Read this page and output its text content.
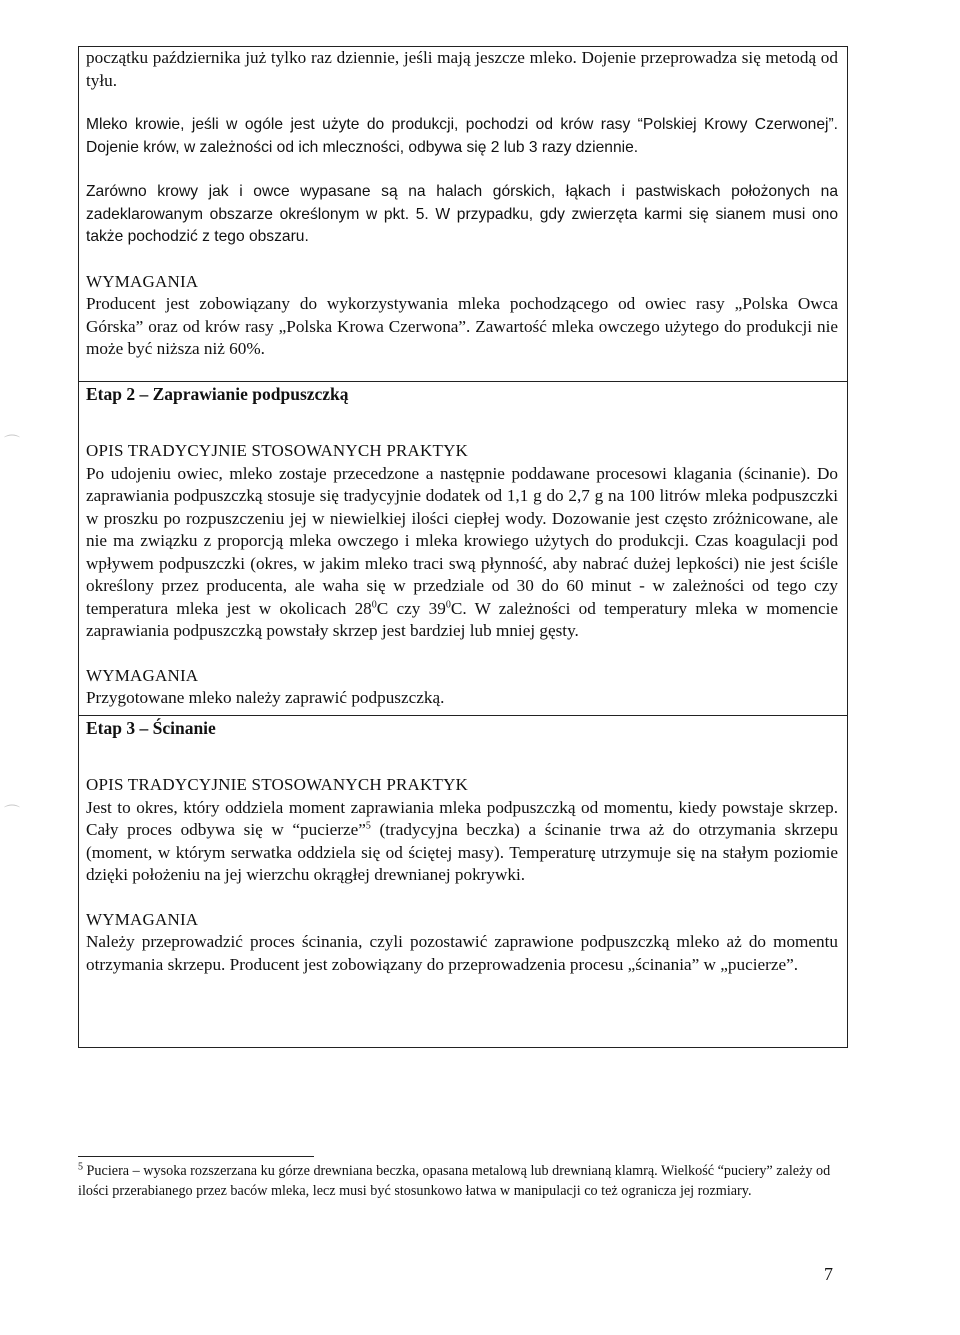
początku października już tylko raz dziennie, jeśli mają jeszcze mleko. Dojenie przeprowadza się metodą od tyłu.

Mleko krowie, jeśli w ogóle jest użyte do produkcji, pochodzi od krów rasy “Polskiej Krowy Czerwonej”. Dojenie krów, w zależności od ich mleczności, odbywa się 2 lub 3 razy dziennie.

Zarówno krowy jak i owce wypasane są na halach górskich, łąkach i pastwiskach położonych na zadeklarowanym obszarze określonym w pkt. 5. W przypadku, gdy zwierzęta karmi się sianem musi ono także pochodzić z tego obszaru.

WYMAGANIA

Producent jest zobowiązany do wykorzystywania mleka pochodzącego od owiec rasy „Polska Owca Górska” oraz od krów rasy „Polska Krowa Czerwona”. Zawartość mleka owczego użytego do produkcji nie może być niższa niż 60%.

Etap 2 – Zaprawianie podpuszczką

OPIS TRADYCYJNIE STOSOWANYCH PRAKTYK

Po udojeniu owiec, mleko zostaje przecedzone a następnie poddawane procesowi klagania (ścinanie). Do zaprawiania podpuszczką stosuje się tradycyjnie dodatek od 1,1 g do 2,7 g na 100 litrów mleka podpuszczki w proszku po rozpuszczeniu jej w niewielkiej ilości ciepłej wody. Dozowanie jest często zróżnicowane, ale nie ma związku z proporcją mleka owczego i mleka krowiego użytych do produkcji. Czas koagulacji pod wpływem podpuszczki (okres, w jakim mleko traci swą płynność, aby nabrać dużej lepkości) nie jest ściśle określony przez producenta, ale waha się w przedziale od 30 do 60 minut - w zależności od tego czy temperatura mleka jest w okolicach $28^0C$ czy $39^0C$. W zależności od temperatury mleka w momencie zaprawiania podpuszczką powstały skrzep jest bardziej lub mniej gęsty.

WYMAGANIA

Przygotowane mleko należy zaprawić podpuszczką.

Etap 3 – Ścinanie

OPIS TRADYCYJNIE STOSOWANYCH PRAKTYK

Jest to okres, który oddziela moment zaprawiania mleka podpuszczką od momentu, kiedy powstaje skrzep. Cały proces odbywa się w “pucierze”$^5$ (tradycyjna beczka) a ścinanie trwa aż do otrzymania skrzepu (moment, w którym serwatka oddziela się od ściętej masy). Temperaturę utrzymuje się na stałym poziomie dzięki położeniu na jej wierzchu okrągłej drewnianej pokrywki.

WYMAGANIA

Należy przeprowadzić proces ścinania, czyli pozostawić zaprawione podpuszczką mleko aż do momentu otrzymania skrzepu. Producent jest zobowiązany do przeprowadzenia procesu „ścinania” w „pucierze”.

$^5$ Puciera – wysoka rozszerzana ku górze drewniana beczka, opasana metalową lub drewnianą klamrą. Wielkość “puciery” zależy od ilości przerabianego przez baców mleka, lecz musi być stosunkowo łatwa w manipulacji co też ogranicza jej rozmiary.

7
⌒
⌒
